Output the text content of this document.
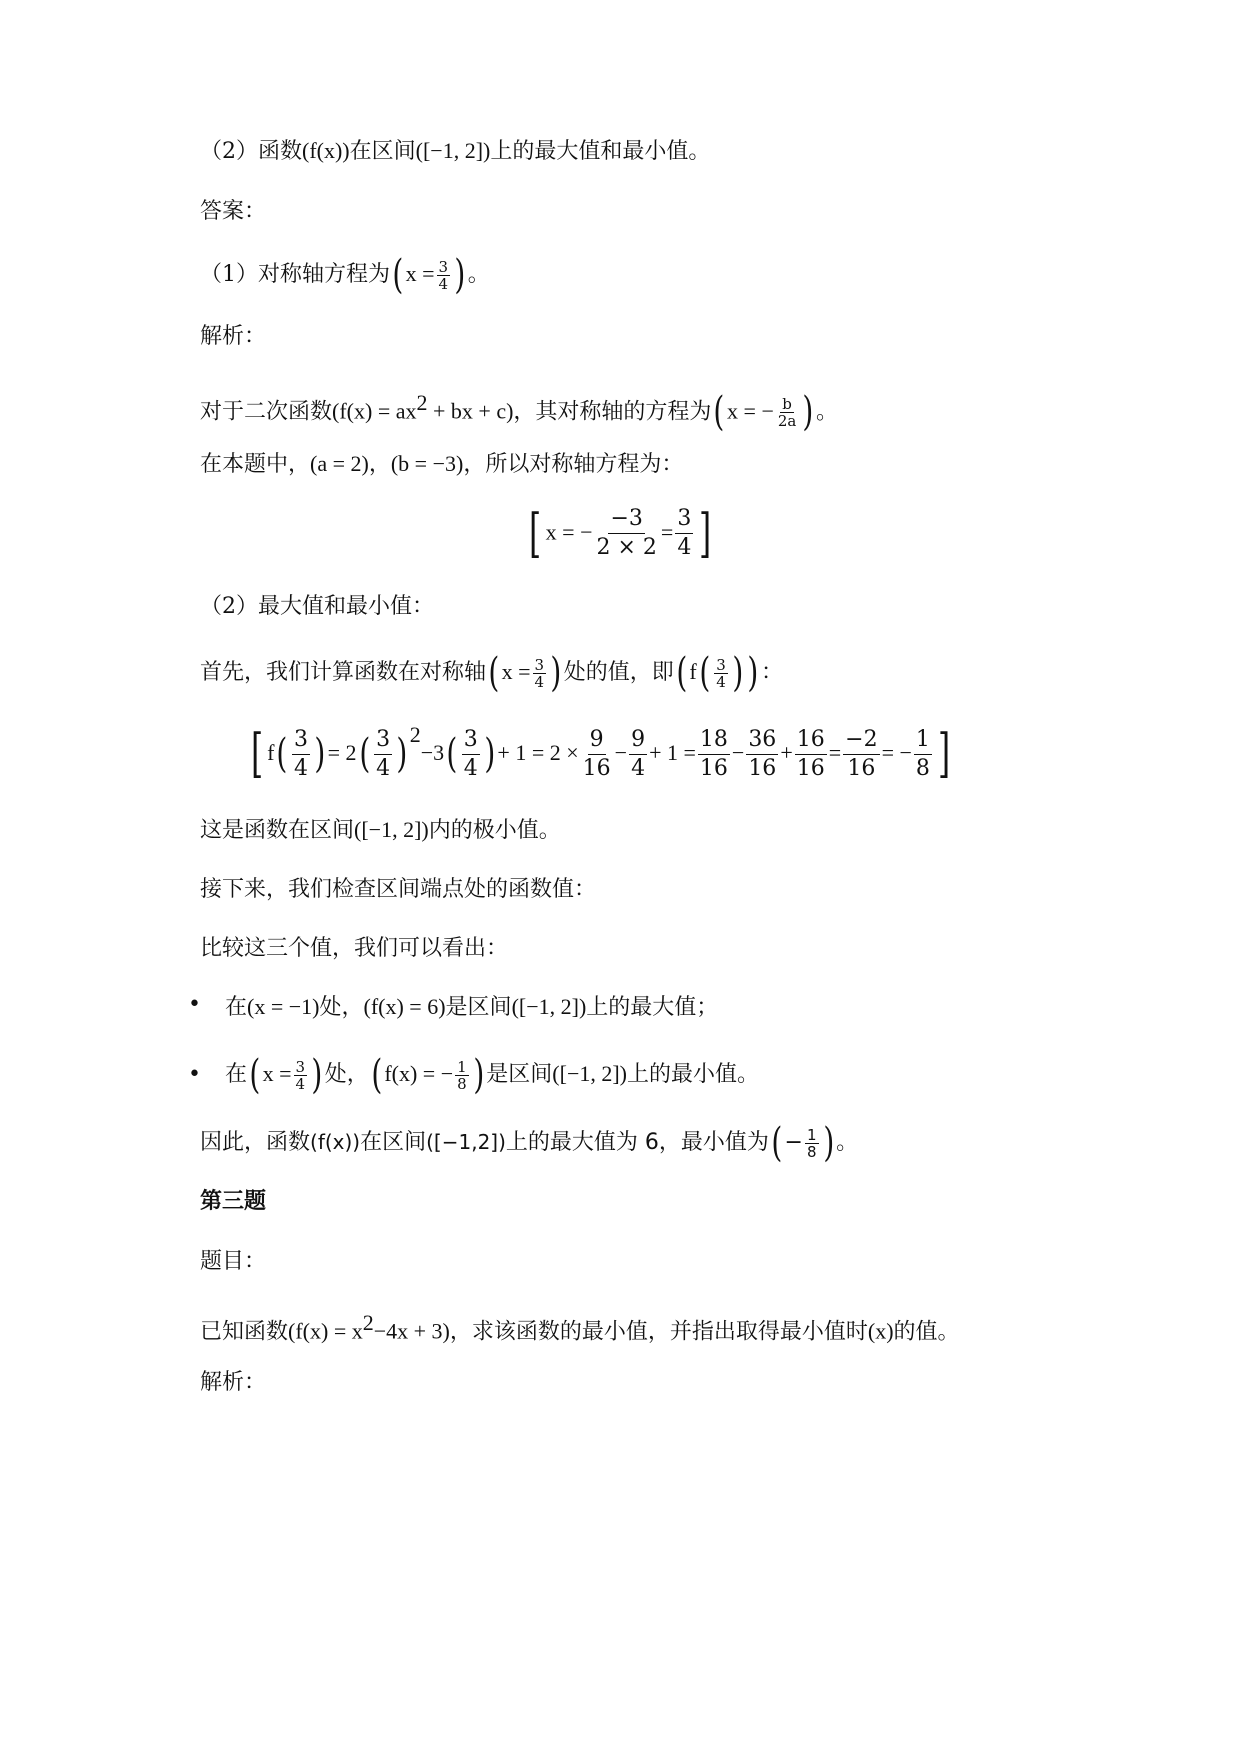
（2）函数(f(x))在区间([−1, 2])上的最大值和最小值。
答案：
（1）对称轴方程为( $x = \frac{3}{4}$ ) 。
解析：
对于二次函数($f(x) = ax^2$ + bx + c)，其对称轴的方程为( x = − $\frac{b}{2a}$ ) 。
在本题中，(a = 2)，(b = −3)，所以对称轴方程为：
[ x = − $\frac{-3}{2 \times 2} = \frac{3}{4}$ ]
（2）最大值和最小值：
首先，我们计算函数在对称轴( $x = \frac{3}{4}$ ) 处的值，即( $f( \frac{3}{4}$ ) ) ：
[ $f( \frac{3}{4}$ ) = $2( \frac{3}{4}$ ) $^2-3( \frac{3}{4}$ ) + $1 = 2 \times \frac{9}{16} - \frac{9}{4} + 1 = \frac{18}{16} - \frac{36}{16} + \frac{16}{16} = \frac{-2}{16}$ = − $\frac{1}{8}$ ]
这是函数在区间([−1, 2])内的极小值。
接下来，我们检查区间端点处的函数值：
比较这三个值，我们可以看出：
• 在(x = −1)处，(f(x) = 6)是区间([−1, 2])上的最大值；
• 在( $x = \frac{3}{4}$ ) 处，( f(x) = − $\frac{1}{8}$ ) 是区间([−1, 2])上的最小值。
因此，函数(f(x))在区间([−1,2])上的最大值为 6，最小值为( − $\frac{1}{8}$ ) 。
第三题
题目：
已知函数$(f(x) = x^2-4x + 3)$，求该函数的最小值，并指出取得最小值时(x)的值。
解析：
